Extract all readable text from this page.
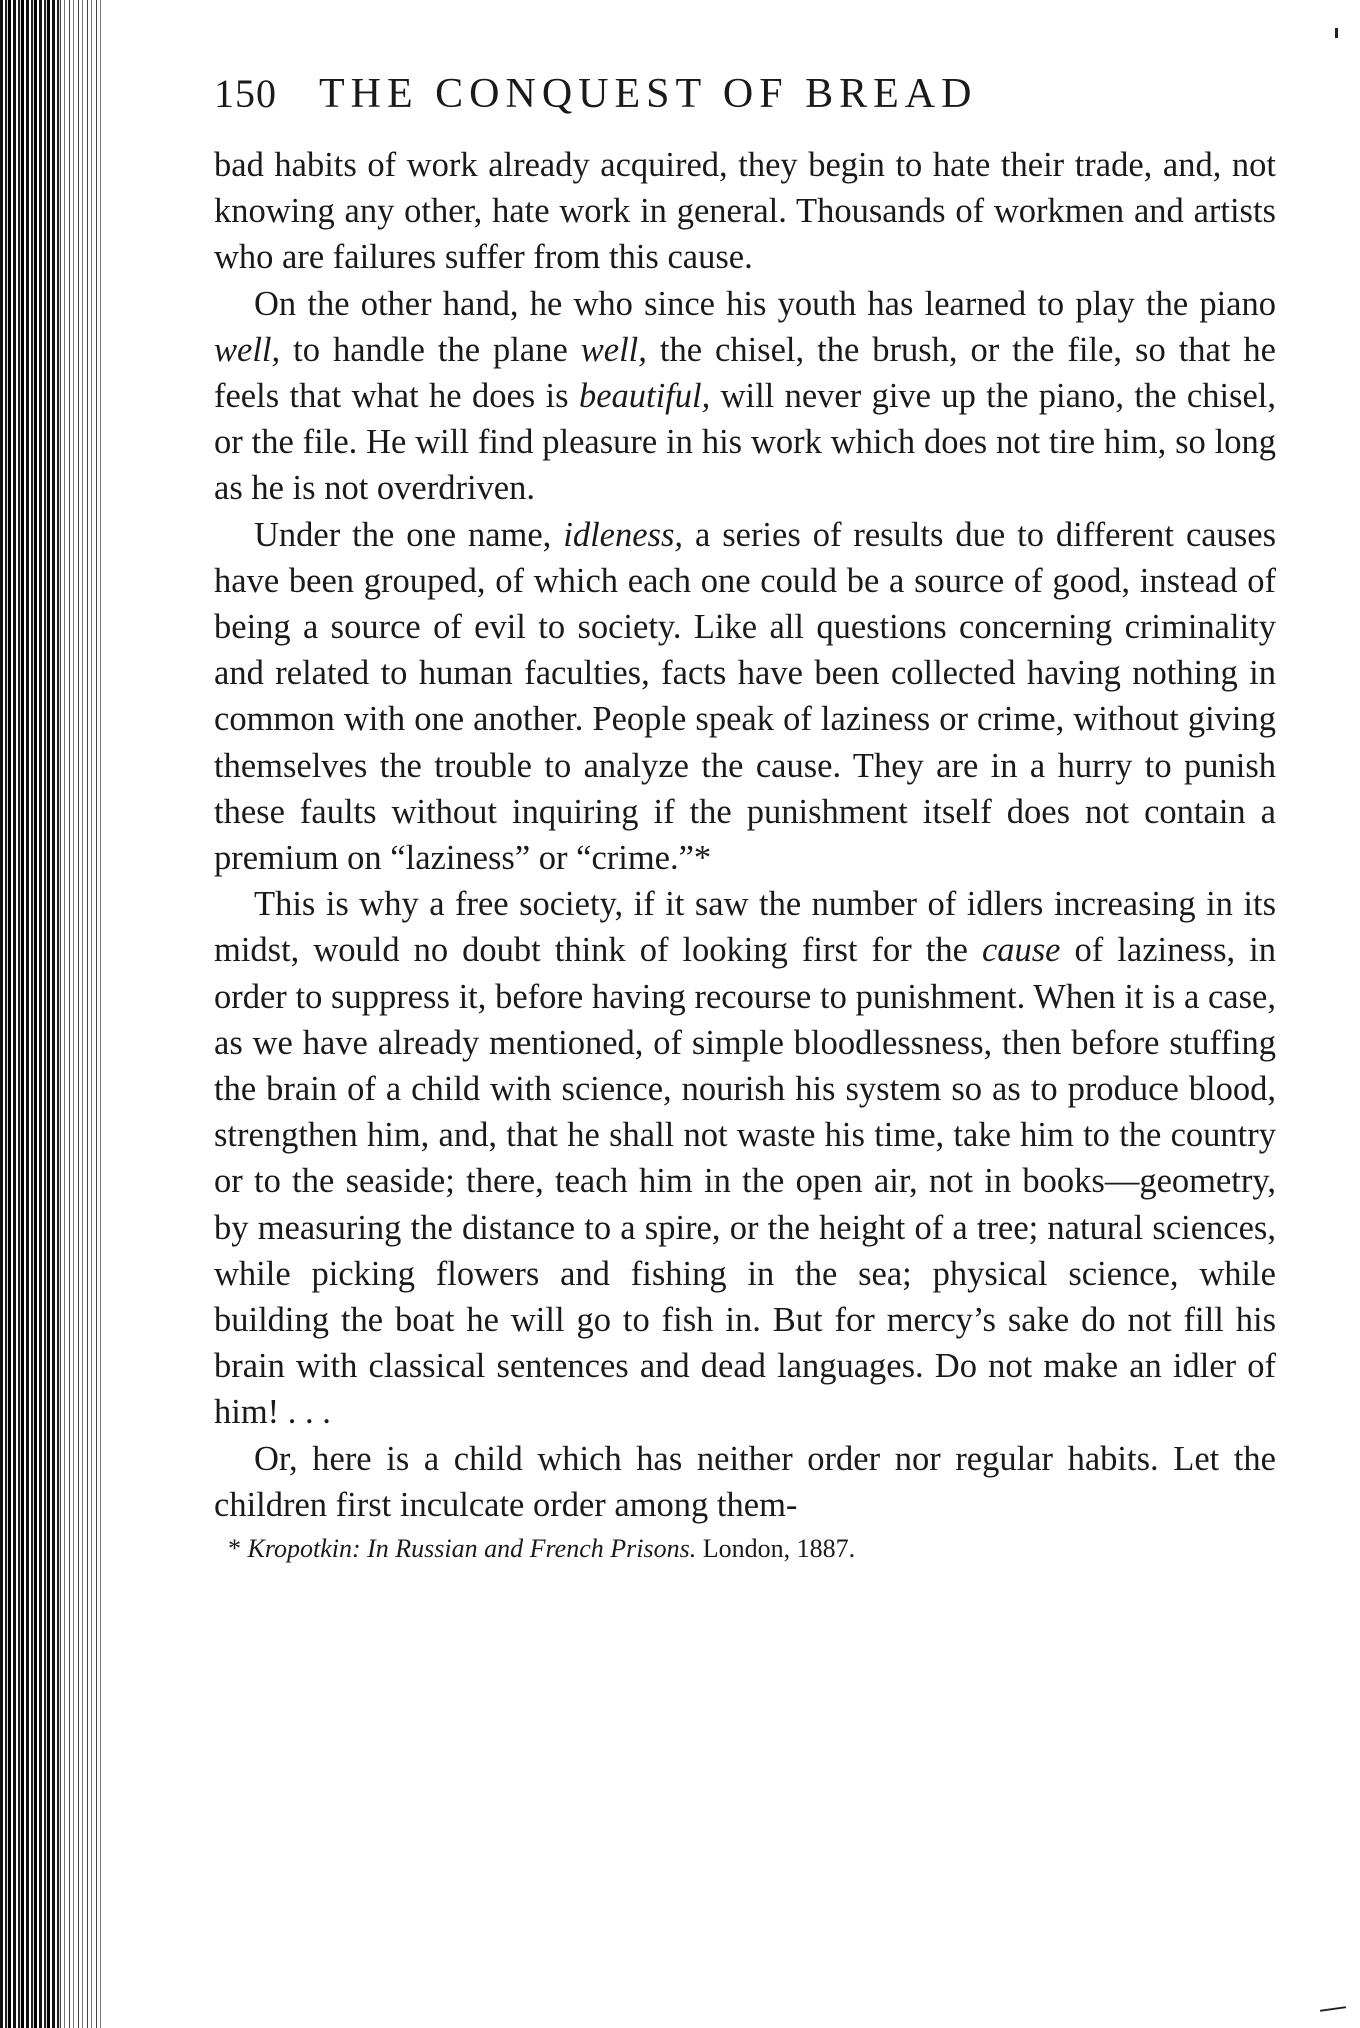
150 THE CONQUEST OF BREAD

bad habits of work already acquired, they begin to hate their trade, and, not knowing any other, hate work in general. Thousands of workmen and artists who are failures suffer from this cause.

On the other hand, he who since his youth has learned to play the piano well, to handle the plane well, the chisel, the brush, or the file, so that he feels that what he does is beautiful, will never give up the piano, the chisel, or the file. He will find pleasure in his work which does not tire him, so long as he is not overdriven.

Under the one name, idleness, a series of results due to different causes have been grouped, of which each one could be a source of good, instead of being a source of evil to society. Like all questions concerning criminality and related to human faculties, facts have been collected having nothing in common with one another. People speak of laziness or crime, without giving themselves the trouble to analyze the cause. They are in a hurry to punish these faults without inquiring if the punishment itself does not contain a premium on “laziness” or “crime.”*

This is why a free society, if it saw the number of idlers increasing in its midst, would no doubt think of looking first for the cause of laziness, in order to suppress it, before having recourse to punishment. When it is a case, as we have already mentioned, of simple bloodlessness, then before stuffing the brain of a child with science, nourish his system so as to produce blood, strengthen him, and, that he shall not waste his time, take him to the country or to the seaside; there, teach him in the open air, not in books—geometry, by measuring the distance to a spire, or the height of a tree; natural sciences, while picking flowers and fishing in the sea; physical science, while building the boat he will go to fish in. But for mercy’s sake do not fill his brain with classical sentences and dead languages. Do not make an idler of him! . . .

Or, here is a child which has neither order nor regular habits. Let the children first inculcate order among them-

* Kropotkin: In Russian and French Prisons. London, 1887.
